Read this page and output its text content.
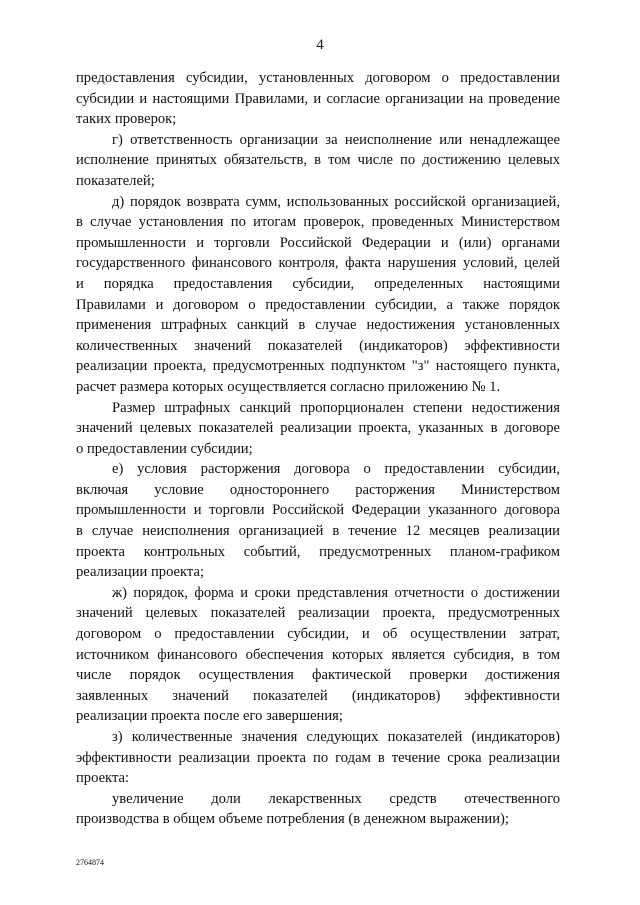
4
предоставления субсидии, установленных договором о предоставлении
субсидии и настоящими Правилами, и согласие организации на проведение
таких проверок;
г) ответственность организации за неисполнение или ненадлежащее
исполнение принятых обязательств, в том числе по достижению целевых
показателей;
д) порядок возврата сумм, использованных российской организацией,
в случае установления по итогам проверок, проведенных Министерством
промышленности и торговли Российской Федерации и (или) органами
государственного финансового контроля, факта нарушения условий, целей
и порядка предоставления субсидии, определенных настоящими
Правилами и договором о предоставлении субсидии, а также порядок
применения штрафных санкций в случае недостижения установленных
количественных значений показателей (индикаторов) эффективности
реализации проекта, предусмотренных подпунктом "з" настоящего пункта,
расчет размера которых осуществляется согласно приложению № 1.
Размер штрафных санкций пропорционален степени недостижения
значений целевых показателей реализации проекта, указанных в договоре
о предоставлении субсидии;
е) условия расторжения договора о предоставлении субсидии,
включая условие одностороннего расторжения Министерством
промышленности и торговли Российской Федерации указанного договора
в случае неисполнения организацией в течение 12 месяцев реализации
проекта контрольных событий, предусмотренных планом-графиком
реализации проекта;
ж) порядок, форма и сроки представления отчетности о достижении
значений целевых показателей реализации проекта, предусмотренных
договором о предоставлении субсидии, и об осуществлении затрат,
источником финансового обеспечения которых является субсидия, в том
числе порядок осуществления фактической проверки достижения
заявленных значений показателей (индикаторов) эффективности
реализации проекта после его завершения;
з) количественные значения следующих показателей (индикаторов)
эффективности реализации проекта по годам в течение срока реализации
проекта:
увеличение доли лекарственных средств отечественного
производства в общем объеме потребления (в денежном выражении);
2764874
